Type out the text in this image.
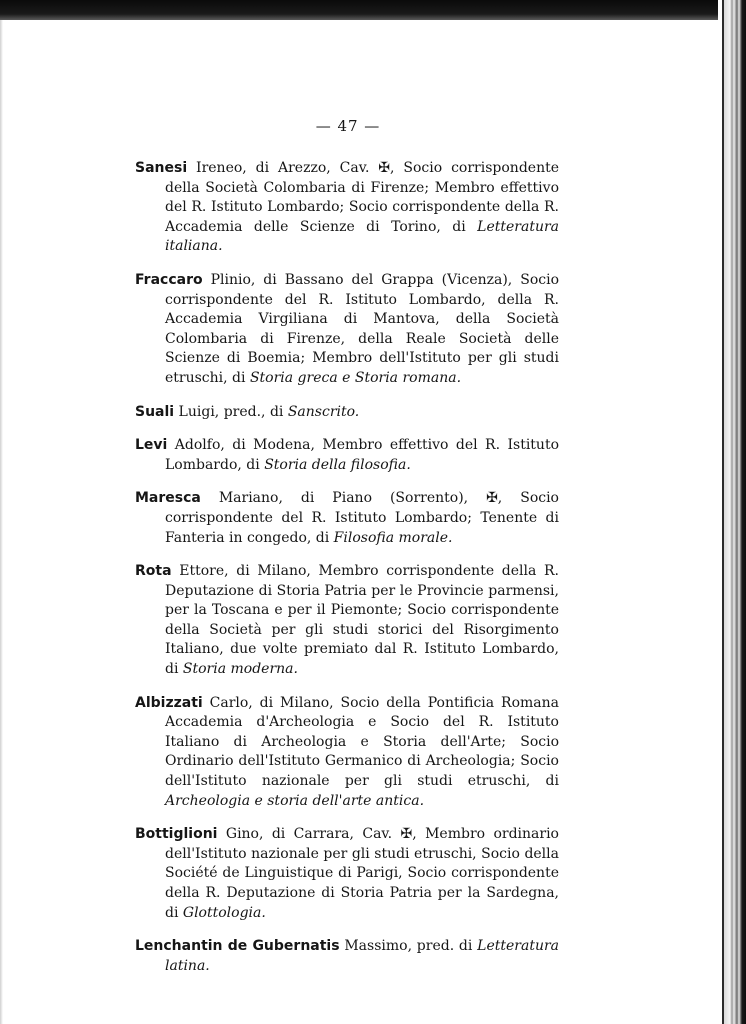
— 47 —

Sanesi Ireneo, di Arezzo, Cav. ✠, Socio corrispondente della Società Colombaria di Firenze; Membro effettivo del R. Istituto Lombardo; Socio corrispondente della R. Accademia delle Scienze di Torino, di Letteratura italiana.

Fraccaro Plinio, di Bassano del Grappa (Vicenza), Socio corrispondente del R. Istituto Lombardo, della R. Accademia Virgiliana di Mantova, della Società Colombaria di Firenze, della Reale Società delle Scienze di Boemia; Membro dell'Istituto per gli studi etruschi, di Storia greca e Storia romana.

Suali Luigi, pred., di Sanscrito.

Levi Adolfo, di Modena, Membro effettivo del R. Istituto Lombardo, di Storia della filosofia.

Maresca Mariano, di Piano (Sorrento), ✠, Socio corrispondente del R. Istituto Lombardo; Tenente di Fanteria in congedo, di Filosofia morale.

Rota Ettore, di Milano, Membro corrispondente della R. Deputazione di Storia Patria per le Provincie parmensi, per la Toscana e per il Piemonte; Socio corrispondente della Società per gli studi storici del Risorgimento Italiano, due volte premiato dal R. Istituto Lombardo, di Storia moderna.

Albizzati Carlo, di Milano, Socio della Pontificia Romana Accademia d'Archeologia e Socio del R. Istituto Italiano di Archeologia e Storia dell'Arte; Socio Ordinario dell'Istituto Germanico di Archeologia; Socio dell'Istituto nazionale per gli studi etruschi, di Archeologia e storia dell'arte antica.

Bottiglioni Gino, di Carrara, Cav. ✠, Membro ordinario dell'Istituto nazionale per gli studi etruschi, Socio della Société de Linguistique di Parigi, Socio corrispondente della R. Deputazione di Storia Patria per la Sardegna, di Glottologia.

Lenchantin de Gubernatis Massimo, pred. di Letteratura latina.
